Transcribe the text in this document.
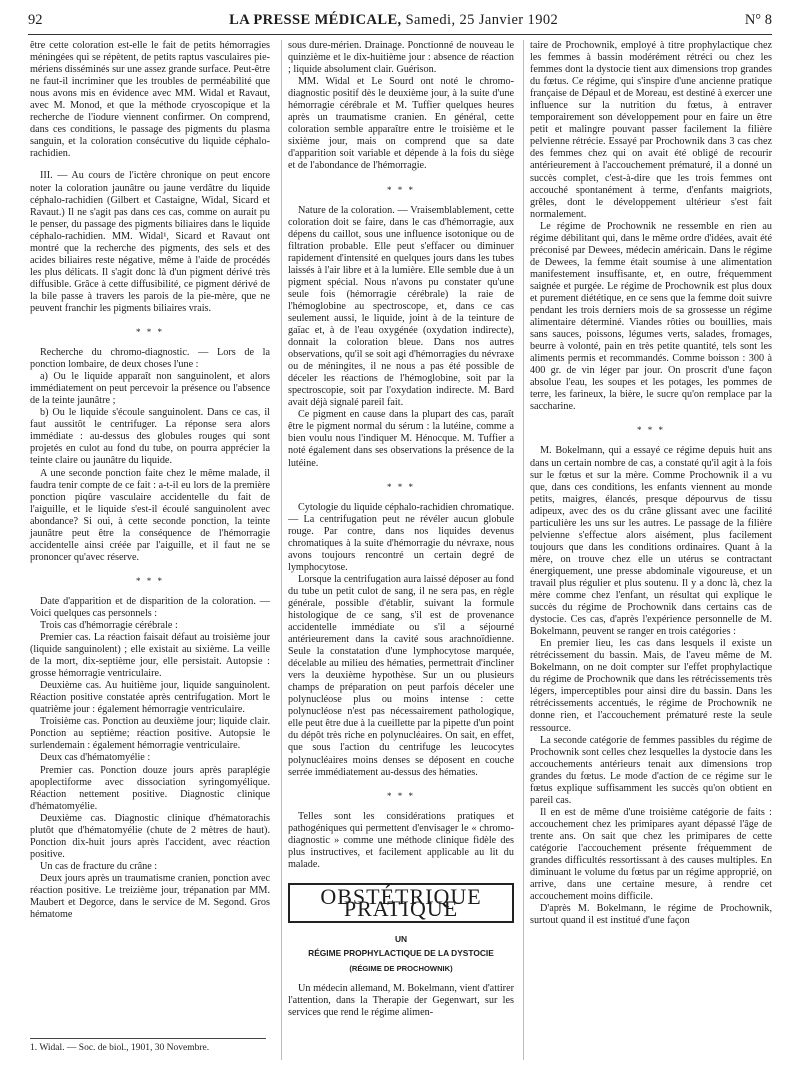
92	LA PRESSE MÉDICALE, Samedi, 25 Janvier 1902	N° 8

être cette coloration est-elle le fait de petits hémorragies méningées qui se répètent, de petits raptus vasculaires pie-mériens disséminés sur une assez grande surface. Peut-être ne faut-il incriminer que les troubles de perméabilité que nous avons mis en évidence avec MM. Widal et Ravaut, avec M. Monod, et que la méthode cryoscopique et la recherche de l'iodure viennent confirmer. On comprend, dans ces conditions, le passage des pigments du plasma sanguin, et la coloration consécutive du liquide céphalo-rachidien.

III. — Au cours de l'ictère chronique on peut encore noter la coloration jaunâtre ou jaune verdâtre du liquide céphalo-rachidien (Gilbert et Castaigne, Widal, Sicard et Ravaut.) Il ne s'agit pas dans ces cas, comme on aurait pu le penser, du passage des pigments biliaires dans le liquide céphalo-rachidien. MM. Widal¹, Sicard et Ravaut ont montré que la recherche des pigments, des sels et des acides biliaires reste négative, même à l'aide de procédés les plus délicats. Il s'agit donc là d'un pigment dérivé très diffusible. Grâce à cette diffusibilité, ce pigment dérivé de la bile passe à travers les parois de la pie-mère, que ne peuvent franchir les pigments biliaires vrais.

* * *

Recherche du chromo-diagnostic. — Lors de la ponction lombaire, de deux choses l'une :

a) Ou le liquide apparaît non sanguinolent, et alors immédiatement on peut percevoir la présence ou l'absence de la teinte jaunâtre ;

b) Ou le liquide s'écoule sanguinolent. Dans ce cas, il faut aussitôt le centrifuger. La réponse sera alors immédiate : au-dessus des globules rouges qui sont projetés en culot au fond du tube, on pourra apprécier la teinte claire ou jaunâtre du liquide.

A une seconde ponction faite chez le même malade, il faudra tenir compte de ce fait : a-t-il eu lors de la première ponction piqûre vasculaire accidentelle du fait de l'aiguille, et le liquide s'est-il écoulé sanguinolent avec abondance? Si oui, à cette seconde ponction, la teinte jaunâtre peut être la conséquence de l'hémorragie accidentelle ainsi créée par l'aiguille, et il faut ne se prononcer qu'avec réserve.

* * *

Date d'apparition et de disparition de la coloration. — Voici quelques cas personnels :

Trois cas d'hémorragie cérébrale :

Premier cas. La réaction faisait défaut au troisième jour (liquide sanguinolent) ; elle existait au sixième. La veille de la mort, dix-septième jour, elle persistait. Autopsie : grosse hémorragie ventriculaire.

Deuxième cas. Au huitième jour, liquide sanguinolent. Réaction positive constatée après centrifugation. Mort le quatrième jour : également hémorragie ventriculaire.

Troisième cas. Ponction au deuxième jour; liquide clair. Ponction au septième; réaction positive. Autopsie le surlendemain : également hémorragie ventriculaire.

Deux cas d'hématomyélie :

Premier cas. Ponction douze jours après paraplégie apoplectiforme avec dissociation syringomyélique. Réaction nettement positive. Diagnostic clinique d'hématomyélie.

Deuxième cas. Diagnostic clinique d'hématorachis plutôt que d'hématomyélie (chute de 2 mètres de haut). Ponction dix-huit jours après l'accident, avec réaction positive.

Un cas de fracture du crâne :

Deux jours après un traumatisme cranien, ponction avec réaction positive. Le treizième jour, trépanation par MM. Maubert et Degorce, dans le service de M. Segond. Gros hématome

1. Widal. — Soc. de biol., 1901, 30 Novembre.

sous dure-mérien. Drainage. Ponctionné de nouveau le quinzième et le dix-huitième jour : absence de réaction ; liquide absolument clair. Guérison.

MM. Widal et Le Sourd ont noté le chromo-diagnostic positif dès le deuxième jour, à la suite d'une hémorragie cérébrale et M. Tuffier quelques heures après un traumatisme cranien. En général, cette coloration semble apparaître entre le troisième et le sixième jour, mais on comprend que sa date d'apparition soit variable et dépende à la fois du siège et de l'abondance de l'hémorragie.

* * *

Nature de la coloration. — Vraisemblablement, cette coloration doit se faire, dans le cas d'hémorragie, aux dépens du caillot, sous une influence isotonique ou de filtration probable. Elle peut s'effacer ou diminuer rapidement d'intensité en quelques jours dans les tubes laissés à l'air libre et à la lumière. Elle semble due à un pigment spécial. Nous n'avons pu constater qu'une seule fois (hémorragie cérébrale) la raie de l'hémoglobine au spectroscope, et, dans ce cas seulement aussi, le liquide, joint à de la teinture de gaïac et, à de l'eau oxygénée (oxydation indirecte), donnait la coloration bleue. Dans nos autres observations, qu'il se soit agi d'hémorragies du névraxe ou de méningites, il ne nous a pas été possible de déceler les réactions de l'hémoglobine, soit par la spectroscopie, soit par l'oxydation indirecte. M. Bard avait déjà signalé pareil fait.

Ce pigment en cause dans la plupart des cas, paraît être le pigment normal du sérum : la lutéine, comme a bien voulu nous l'indiquer M. Hénocque. M. Tuffier a noté également dans ses observations la présence de la lutéine.

* * *

Cytologie du liquide céphalo-rachidien chromatique. — La centrifugation peut ne révéler aucun globule rouge. Par contre, dans nos liquides devenus chromatiques à la suite d'hémorragie du névraxe, nous avons toujours rencontré un certain degré de lymphocytose.

Lorsque la centrifugation aura laissé déposer au fond du tube un petit culot de sang, il ne sera pas, en règle générale, possible d'établir, suivant la formule histologique de ce sang, s'il est de provenance accidentelle immédiate ou s'il a séjourné antérieurement dans la cavité sous arachnoïdienne. Seule la constatation d'une lymphocytose marquée, décelable au milieu des hématies, permettrait d'incliner vers la deuxième hypothèse. Sur un ou plusieurs champs de préparation on peut parfois déceler une polynucléose plus ou moins intense : cette polynucléose n'est pas nécessairement pathologique, elle peut être due à la cueillette par la pipette d'un point du dépôt très riche en polynucléaires. On sait, en effet, que sous l'action du centrifuge les leucocytes polynucléaires moins denses se déposent en couche serrée immédiatement au-dessus des hématies.

* * *

Telles sont les considérations pratiques et pathogéniques qui permettent d'envisager le « chromo-diagnostic » comme une méthode clinique fidèle des plus instructives, et facilement applicable au lit du malade.

OBSTÉTRIQUE PRATIQUE
UN
RÉGIME PROPHYLACTIQUE DE LA DYSTOCIE
(RÉGIME DE PROCHOWNIK)

Un médecin allemand, M. Bokelmann, vient d'attirer l'attention, dans la Therapie der Gegenwart, sur les services que rend le régime alimen-

taire de Prochownik, employé à titre prophylactique chez les femmes à bassin modérément rétréci ou chez les femmes dont la dystocie tient aux dimensions trop grandes du fœtus. Ce régime, qui s'inspire d'une ancienne pratique française de Dépaul et de Moreau, est destiné à exercer une influence sur la nutrition du fœtus, à entraver temporairement son développement pour en faire un être petit et malingre pouvant passer facilement la filière pelvienne rétrécie. Essayé par Prochownik dans 3 cas chez des femmes chez qui on avait été obligé de recourir antérieurement à l'accouchement prématuré, il a donné un succès complet, c'est-à-dire que les trois femmes ont accouché spontanément à terme, d'enfants maigriots, grêles, dont le développement ultérieur s'est fait normalement.

Le régime de Prochownik ne ressemble en rien au régime débilitant qui, dans le même ordre d'idées, avait été préconisé par Dewees, médecin américain. Dans le régime de Dewees, la femme était soumise à une alimentation manifestement insuffisante, et, en outre, fréquemment saignée et purgée. Le régime de Prochownik est plus doux et purement diététique, en ce sens que la femme doit suivre pendant les trois derniers mois de sa grossesse un régime alimentaire déterminé. Viandes rôties ou bouillies, mais sans sauces, poissons, légumes verts, salades, fromages, beurre à volonté, pain en très petite quantité, tels sont les aliments permis et recommandés. Comme boisson : 300 à 400 gr. de vin léger par jour. On proscrit d'une façon absolue l'eau, les soupes et les potages, les pommes de terre, les farineux, la bière, le sucre qu'on remplace par la saccharine.

* * *

M. Bokelmann, qui a essayé ce régime depuis huit ans dans un certain nombre de cas, a constaté qu'il agit à la fois sur le fœtus et sur la mère. Comme Prochownik il a vu que, dans ces conditions, les enfants viennent au monde petits, maigres, élancés, presque dépourvus de tissu adipeux, avec des os du crâne glissant avec une facilité particulière les uns sur les autres. Le passage de la filière pelvienne s'effectue alors aisément, plus facilement toujours que dans les conditions ordinaires. Quant à la mère, on trouve chez elle un utérus se contractant énergiquement, une presse abdominale vigoureuse, et un travail plus régulier et plus soutenu. Il y a donc là, chez la mère comme chez l'enfant, un résultat qui explique le succès du régime de Prochownik dans certains cas de dystocie. Ces cas, d'après l'expérience personnelle de M. Bokelmann, peuvent se ranger en trois catégories :

En premier lieu, les cas dans lesquels il existe un rétrécissement du bassin. Mais, de l'aveu même de M. Bokelmann, on ne doit compter sur l'effet prophylactique du régime de Prochownik que dans les rétrécissements très légers, imperceptibles pour ainsi dire du bassin. Dans les rétrécissements accentués, le régime de Prochownik ne donne rien, et l'accouchement prématuré reste la seule ressource.

La seconde catégorie de femmes passibles du régime de Prochownik sont celles chez lesquelles la dystocie dans les accouchements antérieurs tenait aux dimensions trop grandes du fœtus. Le mode d'action de ce régime sur le fœtus explique suffisamment les succès qu'on obtient en pareil cas.

Il en est de même d'une troisième catégorie de faits : accouchement chez les primipares ayant dépassé l'âge de trente ans. On sait que chez les primipares de cette catégorie l'accouchement présente fréquemment de grandes difficultés ressortissant à des causes multiples. En diminuant le volume du fœtus par un régime approprié, on arrive, dans une certaine mesure, à rendre cet accouchement moins difficile.

D'après M. Bokelmann, le régime de Prochownik, surtout quand il est institué d'une façon
